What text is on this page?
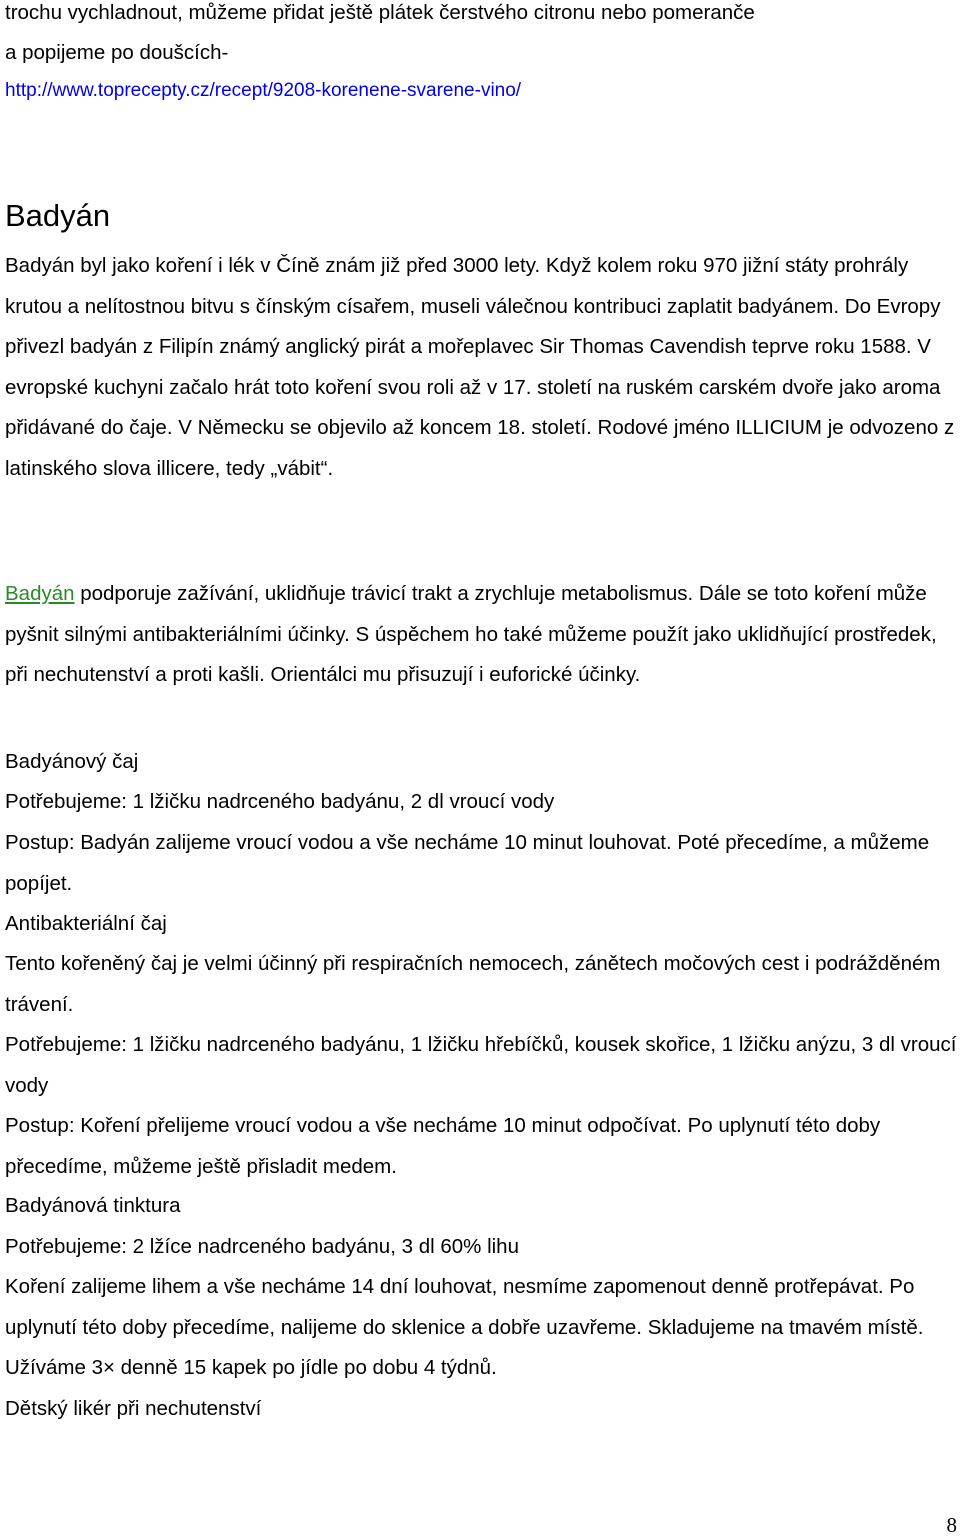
trochu vychladnout, můžeme přidat ještě plátek čerstvého citronu nebo pomeranče
a popijeme po doušcích-
http://www.toprecepty.cz/recept/9208-korenene-svarene-vino/
Badyán

Badyán byl jako koření i lék v Číně znám již před 3000 lety. Když kolem roku 970 jižní státy prohrály krutou a nelítostnou bitvu s čínským císařem, museli válečnou kontribuci zaplatit badyánem. Do Evropy přivezl badyán z Filipín známý anglický pirát a mořeplavec Sir Thomas Cavendish teprve roku 1588. V evropské kuchyni začalo hrát toto koření svou roli až v 17. století na ruském carském dvoře jako aroma přidávané do čaje. V Německu se objevilo až koncem 18. století. Rodové jméno ILLICIUM je odvozeno z latinského slova illicere, tedy „vábit“.

Badyán podporuje zažívání, uklidňuje trávicí trakt a zrychluje metabolismus. Dále se toto koření může pyšnit silnými antibakteriálními účinky. S úspěchem ho také můžeme použít jako uklidňující prostředek, při nechutenství a proti kašli. Orientálci mu přisuzují i euforické účinky.

Badyánový čaj

Potřebujeme: 1 lžičku nadrceného badyánu, 2 dl vroucí vody

Postup: Badyán zalijeme vroucí vodou a vše necháme 10 minut louhovat. Poté přecedíme, a můžeme popíjet.

Antibakteriální čaj

Tento kořeněný čaj je velmi účinný při respiračních nemocech, zánětech močových cest i podrážděném trávení.

Potřebujeme: 1 lžičku nadrceného badyánu, 1 lžičku hřebíčků, kousek skořice, 1 lžičku anýzu, 3 dl vroucí vody

Postup: Koření přelijeme vroucí vodou a vše necháme 10 minut odpočívat. Po uplynutí této doby přecedíme, můžeme ještě přisladit medem.

Badyánová tinktura

Potřebujeme: 2 lžíce nadrceného badyánu, 3 dl 60% lihu

Koření zalijeme lihem a vše necháme 14 dní louhovat, nesmíme zapomenout denně protřepávat. Po uplynutí této doby přecedíme, nalijeme do sklenice a dobře uzavřeme. Skladujeme na tmavém místě. Užíváme 3× denně 15 kapek po jídle po dobu 4 týdnů.

Dětský likér při nechutenství

8
